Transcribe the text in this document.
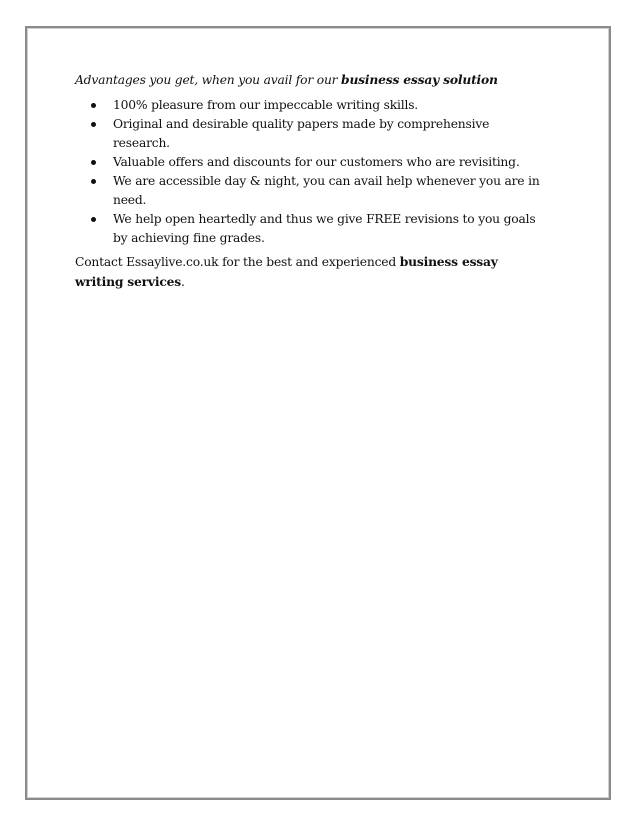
Advantages you get, when you avail for our business essay solution

100% pleasure from our impeccable writing skills.
Original and desirable quality papers made by comprehensive research.
Valuable offers and discounts for our customers who are revisiting.
We are accessible day & night, you can avail help whenever you are in need.
We help open heartedly and thus we give FREE revisions to you goals by achieving fine grades.

Contact Essaylive.co.uk for the best and experienced business essay writing services.
